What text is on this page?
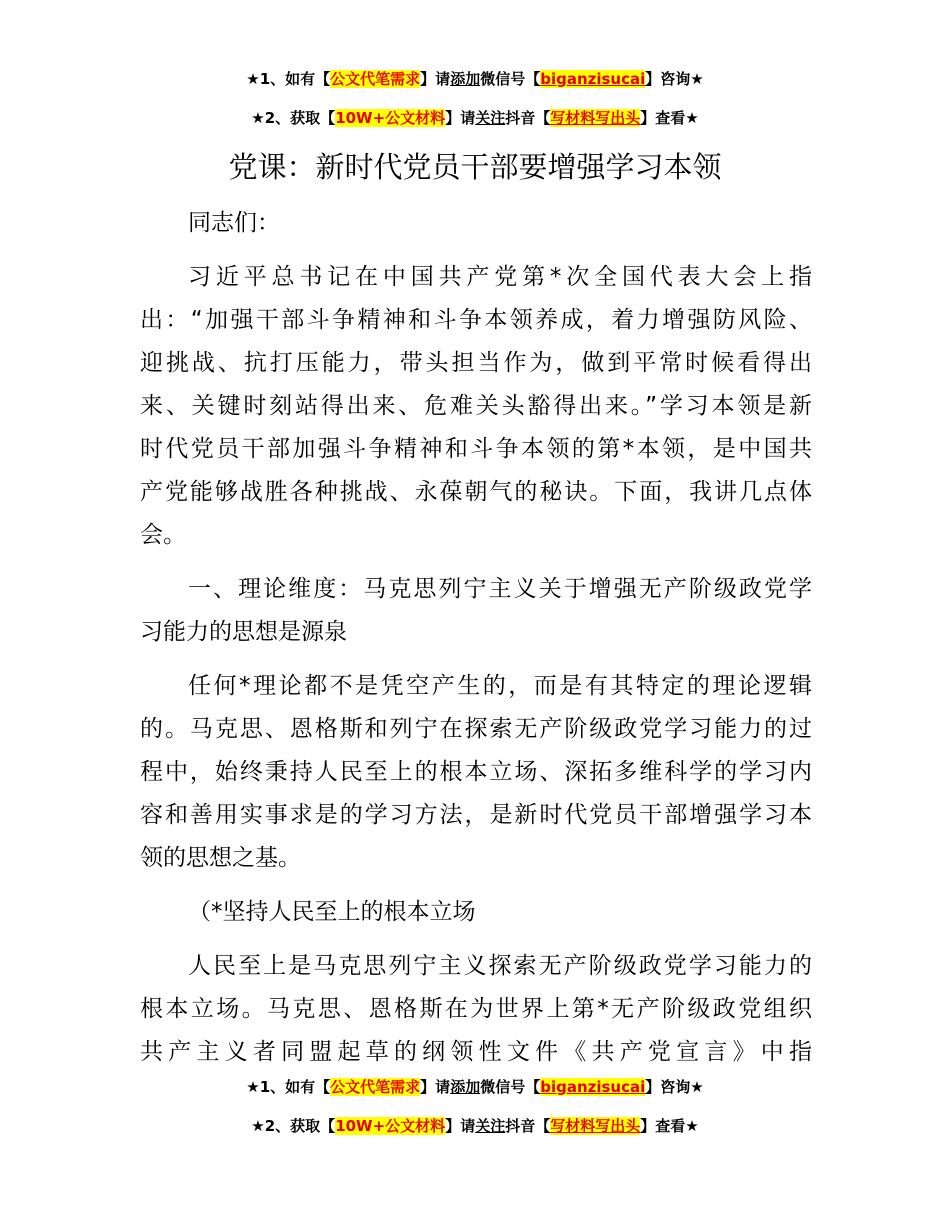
★1、如有【公文代笔需求】请添加微信号【biganzisucai】咨询★
★2、获取【10W+公文材料】请关注抖音【写材料写出头】查看★
党课：新时代党员干部要增强学习本领
同志们：
习近平总书记在中国共产党第*次全国代表大会上指
出：“加强干部斗争精神和斗争本领养成，着力增强防风险、
迎挑战、抗打压能力，带头担当作为，做到平常时候看得出
来、关键时刻站得出来、危难关头豁得出来。”学习本领是新
时代党员干部加强斗争精神和斗争本领的第*本领，是中国共
产党能够战胜各种挑战、永葆朝气的秘诀。下面，我讲几点体
会。
一、理论维度：马克思列宁主义关于增强无产阶级政党学
习能力的思想是源泉
任何*理论都不是凭空产生的，而是有其特定的理论逻辑
的。马克思、恩格斯和列宁在探索无产阶级政党学习能力的过
程中，始终秉持人民至上的根本立场、深拓多维科学的学习内
容和善用实事求是的学习方法，是新时代党员干部增强学习本
领的思想之基。
（*坚持人民至上的根本立场
人民至上是马克思列宁主义探索无产阶级政党学习能力的
根本立场。马克思、恩格斯在为世界上第*无产阶级政党组织
共产主义者同盟起草的纲领性文件《共产党宣言》中指
★1、如有【公文代笔需求】请添加微信号【biganzisucai】咨询★
★2、获取【10W+公文材料】请关注抖音【写材料写出头】查看★
